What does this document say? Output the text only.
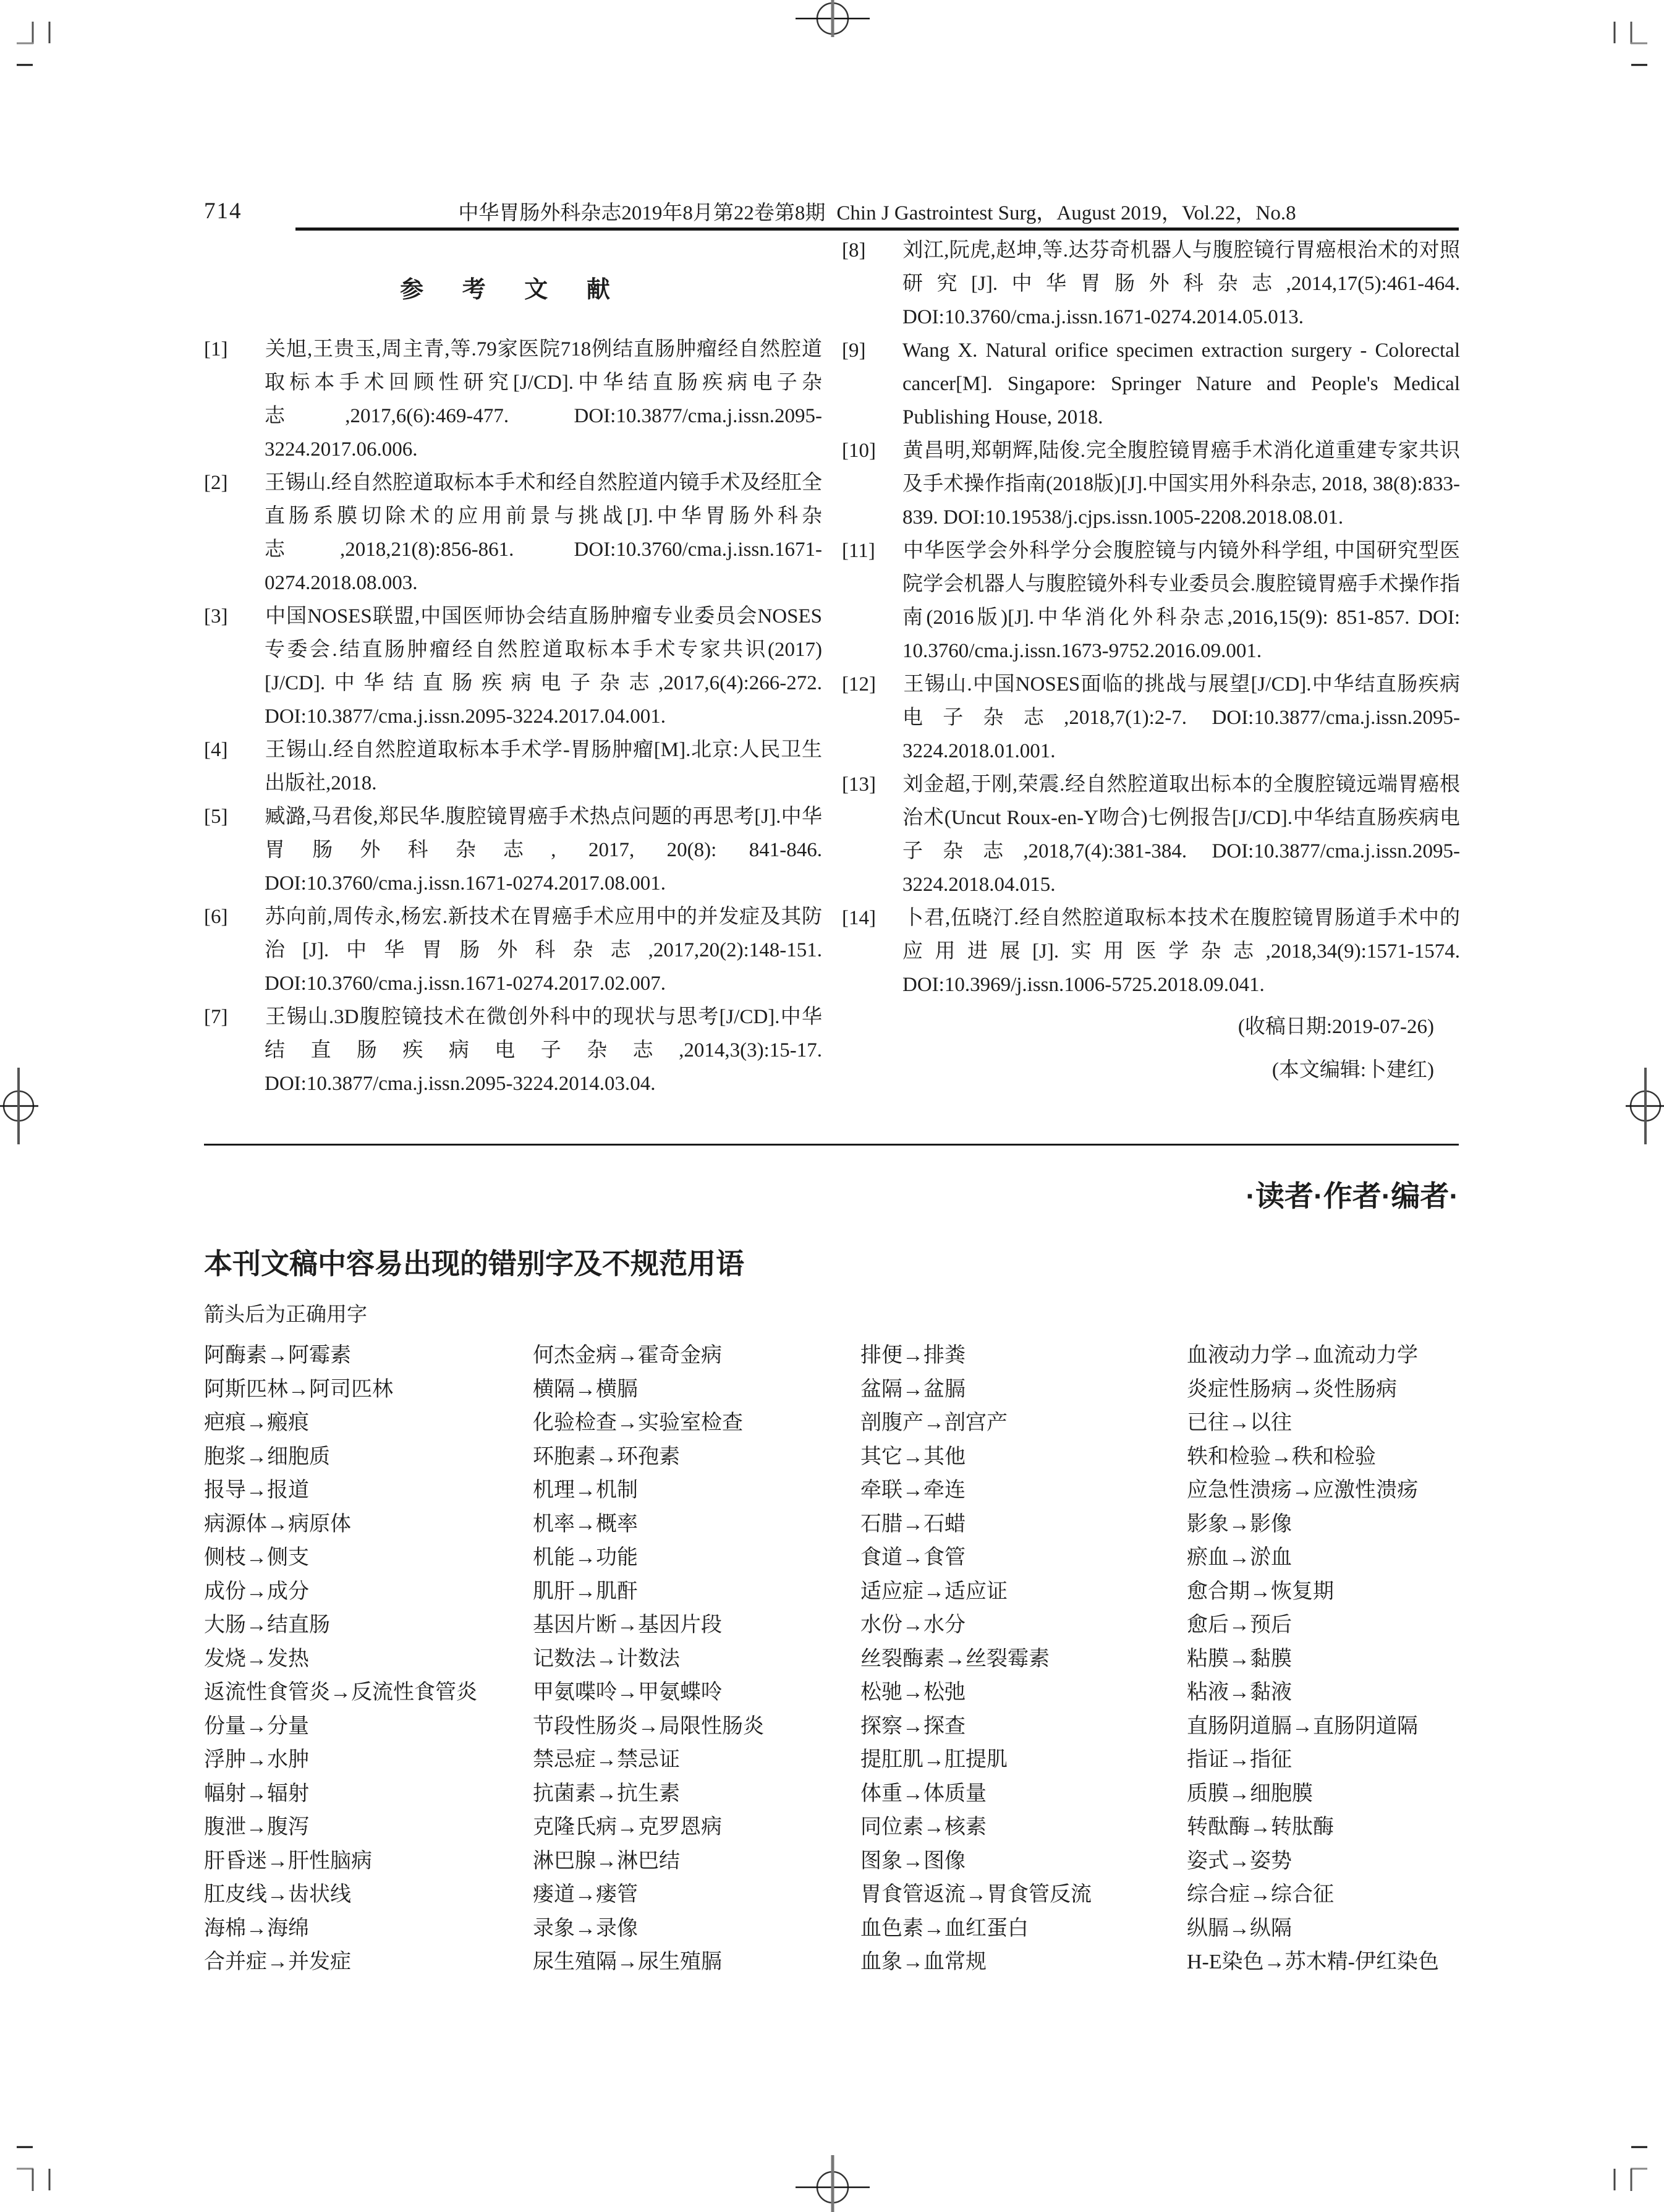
714	中华胃肠外科杂志2019年8月第22卷第8期 Chin J Gastrointest Surg，August 2019，Vol.22，No.8
参 考 文 献

[1] 关旭,王贵玉,周主青,等.79家医院718例结直肠肿瘤经自然腔道取标本手术回顾性研究[J/CD].中华结直肠疾病电子杂志,2017,6(6):469-477. DOI:10.3877/cma.j.issn.2095-3224.2017.06.006.

[2] 王锡山.经自然腔道取标本手术和经自然腔道内镜手术及经肛全直肠系膜切除术的应用前景与挑战[J].中华胃肠外科杂志,2018,21(8):856-861. DOI:10.3760/cma.j.issn.1671-0274.2018.08.003.

[3] 中国NOSES联盟,中国医师协会结直肠肿瘤专业委员会NOSES专委会.结直肠肿瘤经自然腔道取标本手术专家共识(2017)[J/CD].中华结直肠疾病电子杂志,2017,6(4):266-272. DOI:10.3877/cma.j.issn.2095-3224.2017.04.001.

[4] 王锡山.经自然腔道取标本手术学-胃肠肿瘤[M].北京:人民卫生出版社,2018.

[5] 臧潞,马君俊,郑民华.腹腔镜胃癌手术热点问题的再思考[J].中华胃肠外科杂志, 2017, 20(8): 841-846. DOI:10.3760/cma.j.issn.1671-0274.2017.08.001.

[6] 苏向前,周传永,杨宏.新技术在胃癌手术应用中的并发症及其防治[J].中华胃肠外科杂志,2017,20(2):148-151. DOI:10.3760/cma.j.issn.1671-0274.2017.02.007.

[7] 王锡山.3D腹腔镜技术在微创外科中的现状与思考[J/CD].中华结直肠疾病电子杂志,2014,3(3):15-17. DOI:10.3877/cma.j.issn.2095-3224.2014.03.04.

[8] 刘江,阮虎,赵坤,等.达芬奇机器人与腹腔镜行胃癌根治术的对照研究[J].中华胃肠外科杂志,2014,17(5):461-464. DOI:10.3760/cma.j.issn.1671-0274.2014.05.013.

[9] Wang X. Natural orifice specimen extraction surgery - Colorectal cancer[M]. Singapore: Springer Nature and People's Medical Publishing House, 2018.

[10] 黄昌明,郑朝辉,陆俊.完全腹腔镜胃癌手术消化道重建专家共识及手术操作指南(2018版)[J].中国实用外科杂志, 2018, 38(8):833-839. DOI:10.19538/j.cjps.issn.1005-2208.2018.08.01.

[11] 中华医学会外科学分会腹腔镜与内镜外科学组, 中国研究型医院学会机器人与腹腔镜外科专业委员会.腹腔镜胃癌手术操作指南(2016版)[J].中华消化外科杂志,2016,15(9): 851-857. DOI: 10.3760/cma.j.issn.1673-9752.2016.09.001.

[12] 王锡山.中国NOSES面临的挑战与展望[J/CD].中华结直肠疾病电子杂志,2018,7(1):2-7. DOI:10.3877/cma.j.issn.2095-3224.2018.01.001.

[13] 刘金超,于刚,荣震.经自然腔道取出标本的全腹腔镜远端胃癌根治术(Uncut Roux-en-Y吻合)七例报告[J/CD].中华结直肠疾病电子杂志,2018,7(4):381-384. DOI:10.3877/cma.j.issn.2095-3224.2018.04.015.

[14] 卜君,伍晓汀.经自然腔道取标本技术在腹腔镜胃肠道手术中的应用进展[J].实用医学杂志,2018,34(9):1571-1574. DOI:10.3969/j.issn.1006-5725.2018.09.041.

(收稿日期:2019-07-26)

(本文编辑:卜建红)

·读者·作者·编者·
本刊文稿中容易出现的错别字及不规范用语

箭头后为正确用字

阿酶素→阿霉素

阿斯匹林→阿司匹林

疤痕→瘢痕

胞浆→细胞质

报导→报道

病源体→病原体

侧枝→侧支

成份→成分

大肠→结直肠

发烧→发热

返流性食管炎→反流性食管炎

份量→分量

浮肿→水肿

幅射→辐射

腹泄→腹泻

肝昏迷→肝性脑病

肛皮线→齿状线

海棉→海绵

合并症→并发症

何杰金病→霍奇金病

横隔→横膈

化验检查→实验室检查

环胞素→环孢素

机理→机制

机率→概率

机能→功能

肌肝→肌酐

基因片断→基因片段

记数法→计数法

甲氨喋呤→甲氨蝶呤

节段性肠炎→局限性肠炎

禁忌症→禁忌证

抗菌素→抗生素

克隆氏病→克罗恩病

淋巴腺→淋巴结

瘘道→瘘管

录象→录像

尿生殖隔→尿生殖膈

排便→排粪

盆隔→盆膈

剖腹产→剖宫产

其它→其他

牵联→牵连

石腊→石蜡

食道→食管

适应症→适应证

水份→水分

丝裂酶素→丝裂霉素

松驰→松弛

探察→探查

提肛肌→肛提肌

体重→体质量

同位素→核素

图象→图像

胃食管返流→胃食管反流

血色素→血红蛋白

血象→血常规

血液动力学→血流动力学

炎症性肠病→炎性肠病

已往→以往

轶和检验→秩和检验

应急性溃疡→应激性溃疡

影象→影像

瘀血→淤血

愈合期→恢复期

愈后→预后

粘膜→黏膜

粘液→黏液

直肠阴道膈→直肠阴道隔

指证→指征

质膜→细胞膜

转酞酶→转肽酶

姿式→姿势

综合症→综合征

纵膈→纵隔

H-E染色→苏木精-伊红染色
